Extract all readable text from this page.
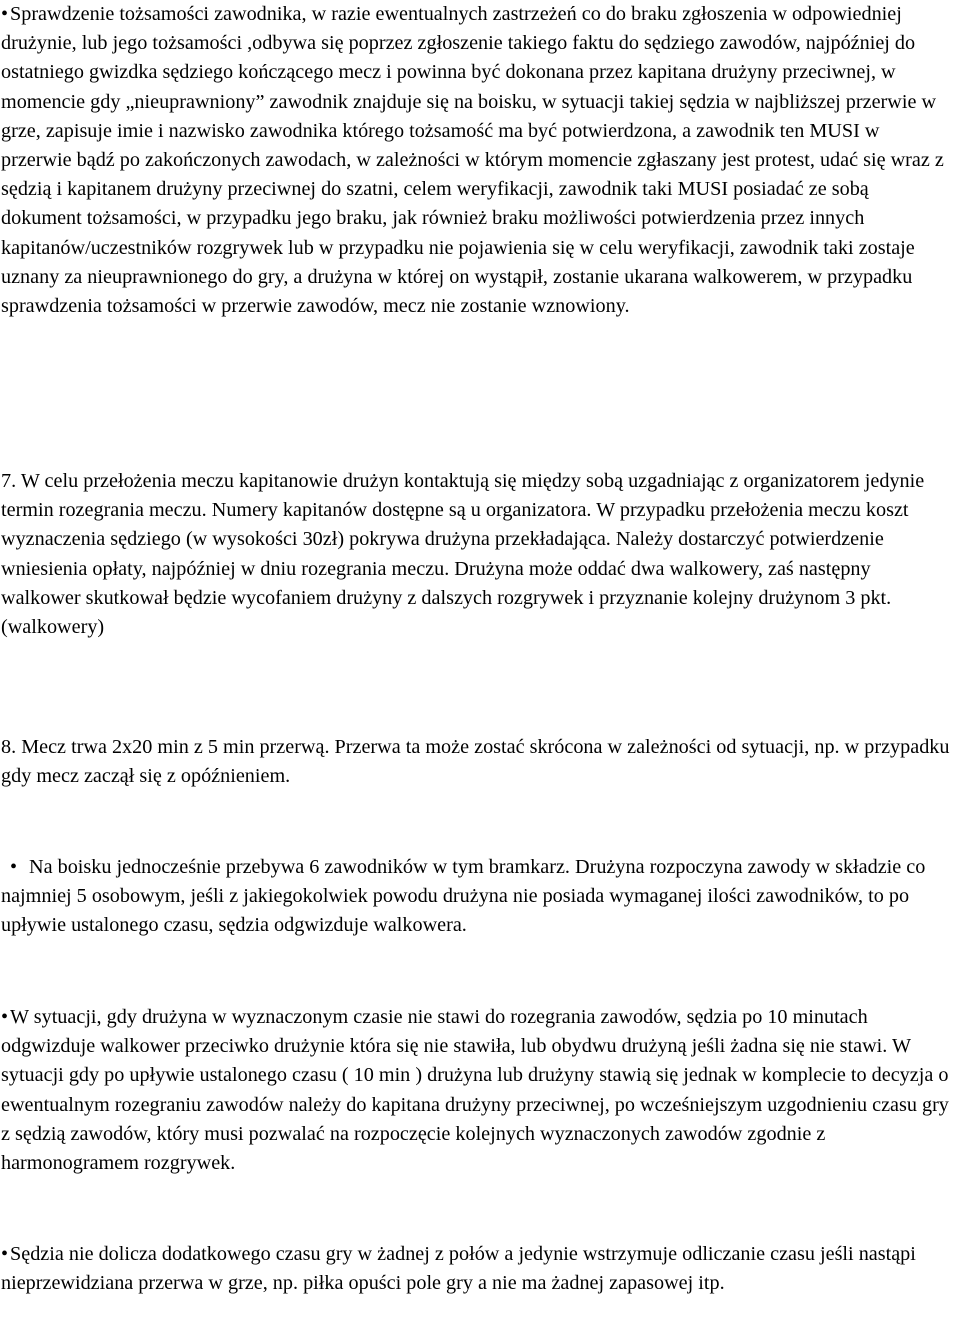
•Sprawdzenie tożsamości zawodnika, w razie ewentualnych zastrzeżeń co do braku zgłoszenia w odpowiedniej drużynie, lub jego tożsamości ,odbywa się poprzez zgłoszenie takiego faktu do sędziego zawodów, najpóźniej do ostatniego gwizdka sędziego kończącego mecz i powinna być dokonana przez kapitana drużyny przeciwnej, w momencie gdy „nieuprawniony” zawodnik znajduje się na boisku, w sytuacji takiej sędzia w najbliższej przerwie w grze, zapisuje imie i nazwisko zawodnika którego tożsamość ma być potwierdzona, a zawodnik ten MUSI w przerwie bądź po zakończonych zawodach, w zależności w którym momencie zgłaszany jest protest, udać się wraz z sędzią i kapitanem drużyny przeciwnej do szatni, celem weryfikacji, zawodnik taki MUSI posiadać ze sobą dokument tożsamości, w przypadku jego braku, jak również braku możliwości potwierdzenia przez innych kapitanów/uczestników rozgrywek lub w przypadku nie pojawienia się w celu weryfikacji, zawodnik taki zostaje uznany za nieuprawnionego do gry, a drużyna w której on wystąpił, zostanie ukarana walkowerem, w przypadku sprawdzenia tożsamości w przerwie zawodów, mecz nie zostanie wznowiony.

7. W celu przełożenia meczu kapitanowie drużyn kontaktują się między sobą uzgadniając z organizatorem jedynie termin rozegrania meczu. Numery kapitanów dostępne są u organizatora. W przypadku przełożenia meczu koszt wyznaczenia sędziego (w wysokości 30zł) pokrywa drużyna przekładająca. Należy dostarczyć potwierdzenie wniesienia opłaty, najpóźniej w dniu rozegrania meczu. Drużyna może oddać dwa walkowery, zaś następny walkower skutkował będzie wycofaniem drużyny z dalszych rozgrywek i przyznanie kolejny drużynom 3 pkt. (walkowery)

8. Mecz trwa 2x20 min z 5 min przerwą. Przerwa ta może zostać skrócona w zależności od sytuacji, np. w przypadku gdy mecz zaczął się z opóźnieniem.

• Na boisku jednocześnie przebywa 6 zawodników w tym bramkarz. Drużyna rozpoczyna zawody w składzie co najmniej 5 osobowym, jeśli z jakiegokolwiek powodu drużyna nie posiada wymaganej ilości zawodników, to po upływie ustalonego czasu, sędzia odgwizduje walkowera.

•W sytuacji, gdy drużyna w wyznaczonym czasie nie stawi do rozegrania zawodów, sędzia po 10 minutach odgwizduje walkower przeciwko drużynie która się nie stawiła, lub obydwu drużyną jeśli żadna się nie stawi. W sytuacji gdy po upływie ustalonego czasu ( 10 min ) drużyna lub drużyny stawią się jednak w komplecie to decyzja o ewentualnym rozegraniu zawodów należy do kapitana drużyny przeciwnej, po wcześniejszym uzgodnieniu czasu gry z sędzią zawodów, który musi pozwalać na rozpoczęcie kolejnych wyznaczonych zawodów zgodnie z harmonogramem rozgrywek.

•Sędzia nie dolicza dodatkowego czasu gry w żadnej z połów a jedynie wstrzymuje odliczanie czasu jeśli nastąpi nieprzewidziana przerwa w grze, np. piłka opuści pole gry a nie ma żadnej zapasowej itp.
